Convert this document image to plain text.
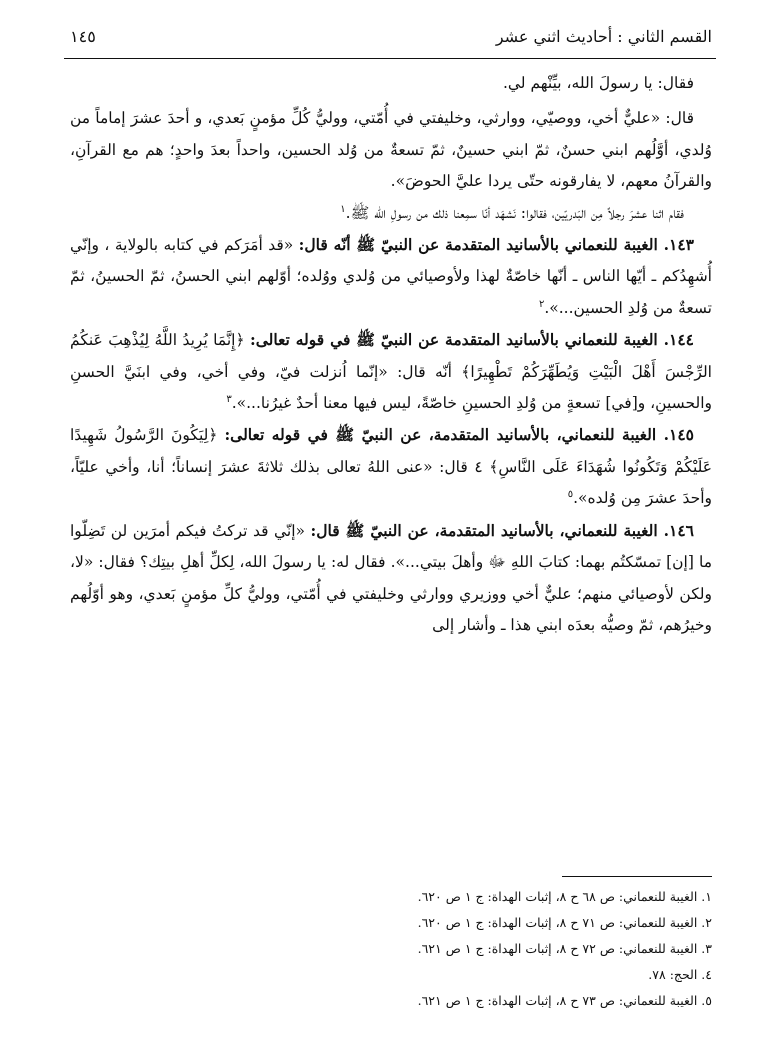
القسم الثاني : أحاديث اثني عشر
١٤٥

فقال: يا رسولَ الله، بيِّنْهم لي.

قال: «عليٌّ أخي، ووصيّي، ووارثي، وخليفتي في أُمّتي، ووليُّ كُلِّ مؤمنٍ بَعدي، و أحدَ عشرَ إماماً من وُلدي، أوَّلُهم ابني حسنٌ، ثمّ ابني حسينٌ، ثمّ تسعةٌ من وُلد الحسين، واحداً بعدَ واحدٍ؛ هم مع القرآنِ، والقرآنُ معهم، لا يفارقونه حتّى يردا عليَّ الحوضَ».

فقام اثنا عشرَ رجلاً مِن البَدريّين، فقالوا: نَشهَد أنّا سمِعنا ذلك من رسولِ الله ﷺ.$^١$

١٤٣. الغيبة للنعماني بالأسانيد المتقدمة عن النبيّ ﷺ أنّه قال: «قد أمَرَكم في كتابه بالولاية ، وإنّي أُشهِدُكم ـ أيّها الناس ـ أنّها خاصّةٌ لهذا ولأوصيائي من وُلدي ووُلده؛ أوّلهم ابني الحسنُ، ثمّ الحسينُ، ثمّ تسعةٌ من وُلدِ الحسين...».$^٢$

١٤٤. الغيبة للنعماني بالأسانيد المتقدمة عن النبيّ ﷺ في قوله تعالى: ﴿إِنَّمَا يُرِيدُ اللَّهُ لِيُذْهِبَ عَنكُمُ الرِّجْسَ أَهْلَ الْبَيْتِ وَيُطَهِّرَكُمْ تَطْهِيرًا﴾ أنّه قال: «إنّما اُنزلت فيّ، وفي أخي، وفي ابنَيَّ الحسنِ والحسينِ، و[في] تسعةٍ من وُلدِ الحسينِ خاصّةً، ليس فيها معنا أحدٌ غيرُنا...».$^٣$

١٤٥. الغيبة للنعماني، بالأسانيد المتقدمة، عن النبيّ ﷺ في قوله تعالى: ﴿لِيَكُونَ الرَّسُولُ شَهِيدًا عَلَيْكُمْ وَتَكُونُوا شُهَدَاءَ عَلَى النَّاسِ﴾ ٤ قال: «عنى اللهُ تعالى بذلك ثلاثةَ عشرَ إنساناً؛ أنا، وأخي عليّاً، وأحدَ عشرَ مِن وُلده».$^٥$

١٤٦. الغيبة للنعماني، بالأسانيد المتقدمة، عن النبيّ ﷺ قال: «إنّي قد تركتُ فيكم أمرَين لن تَضِلّوا ما [إن] تمسّكتُم بهما: كتابَ اللهِ ﷻ وأهلَ بيتي...». فقال له: يا رسولَ الله، لِكلِّ أهلِ بيتِك؟ فقال: «لا، ولكن لأوصيائي منهم؛ عليٌّ أخي ووزيري ووارثي وخليفتي في أُمّتي، ووليُّ كلِّ مؤمنٍ بَعدي، وهو أوّلُهم وخيرُهم، ثمّ وصيُّه بعدَه ابني هذا ـ وأشار إلى

١. الغيبة للنعماني: ص ٦٨ ح ٨، إثبات الهداة: ج ١ ص ٦٢٠.
٢. الغيبة للنعماني: ص ٧١ ح ٨، إثبات الهداة: ج ١ ص ٦٢٠.
٣. الغيبة للنعماني: ص ٧٢ ح ٨، إثبات الهداة: ج ١ ص ٦٢١.
٤. الحج: ٧٨.
٥. الغيبة للنعماني: ص ٧٣ ح ٨، إثبات الهداة: ج ١ ص ٦٢١.
